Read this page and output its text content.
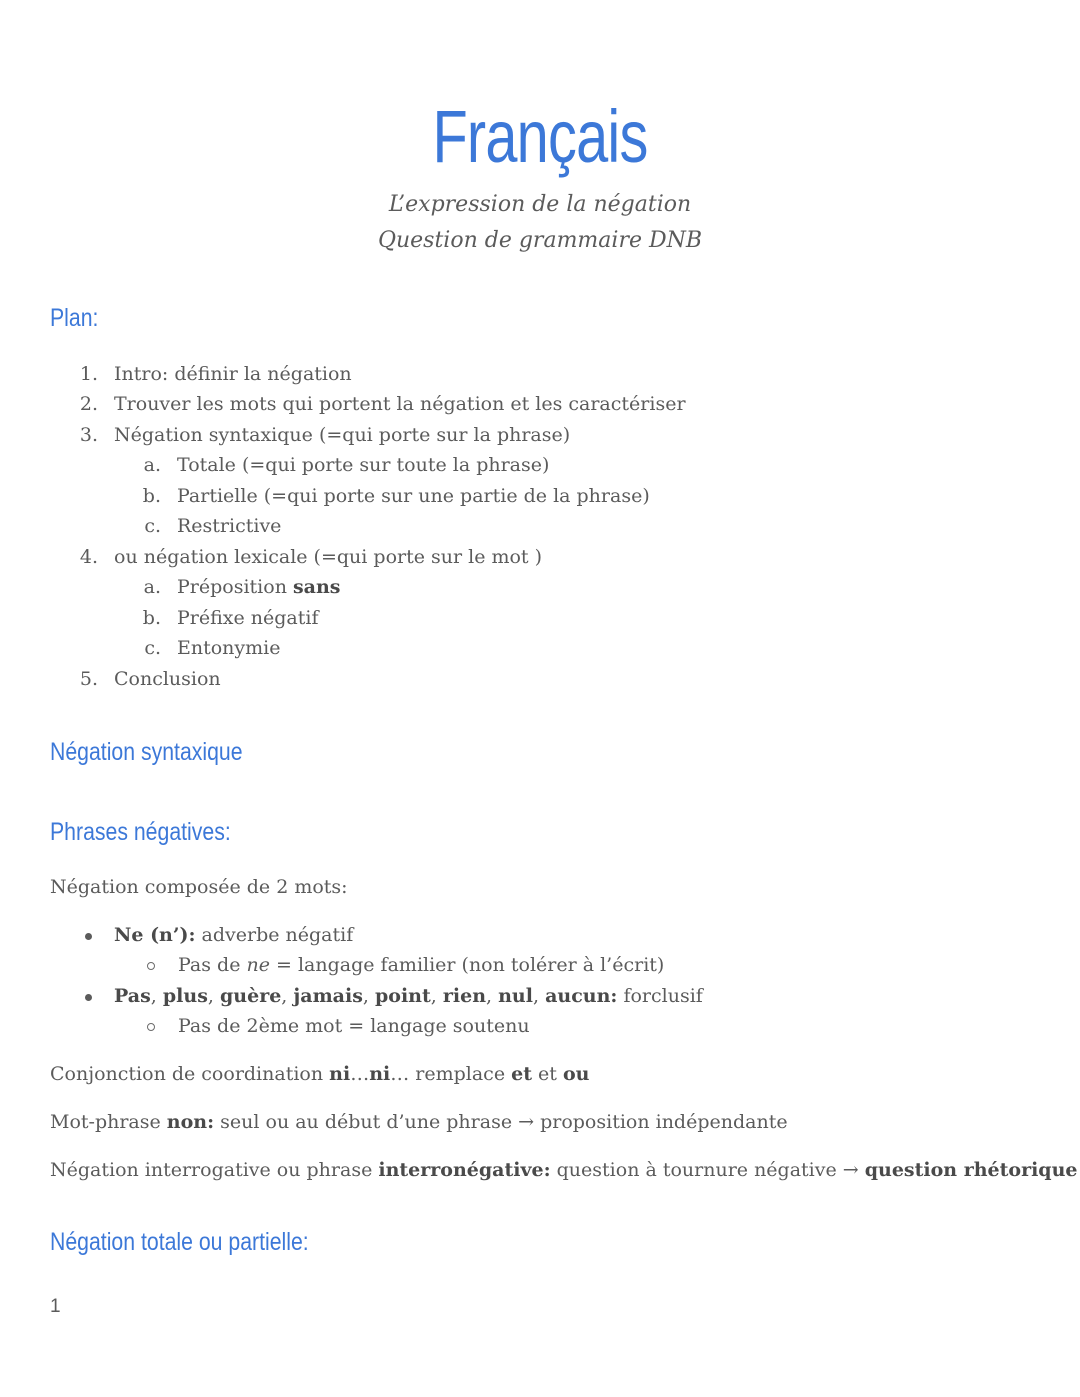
Français
L’expression de la négation
Question de grammaire DNB
Plan:
1. Intro: définir la négation
2. Trouver les mots qui portent la négation et les caractériser
3. Négation syntaxique (=qui porte sur la phrase)
a. Totale (=qui porte sur toute la phrase)
b. Partielle (=qui porte sur une partie de la phrase)
c. Restrictive
4. ou négation lexicale (=qui porte sur le mot )
a. Préposition sans
b. Préfixe négatif
c. Entonymie
5. Conclusion
Négation syntaxique
Phrases négatives:
Négation composée de 2 mots:
Ne (n’): adverbe négatif
Pas de ne = langage familier (non tolérer à l’écrit)
Pas, plus, guère, jamais, point, rien, nul, aucun: forclusif
Pas de 2ème mot = langage soutenu
Conjonction de coordination ni…ni… remplace et et ou
Mot-phrase non: seul ou au début d’une phrase → proposition indépendante
Négation interrogative ou phrase interronégative: question à tournure négative → question rhétorique
Négation totale ou partielle:
1
